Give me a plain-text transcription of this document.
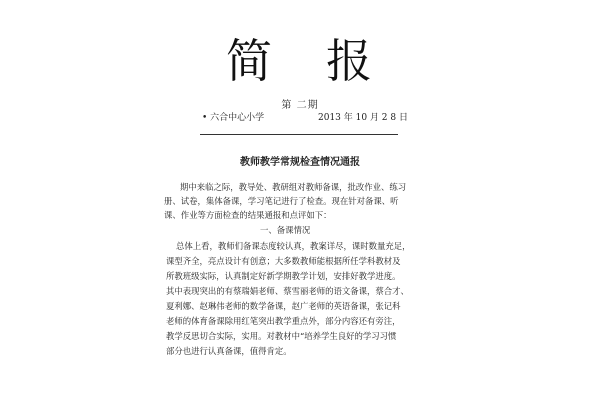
简 报
第 二期
• 六合中心小学	2013 年 10 月 2 8 日
教师教学常规检查情况通报
期中来临之际，教导处、教研组对教师备课，批改作业、练习
册、试卷，集体备课，学习笔记进行了检查。现在针对备课、听
课、作业等方面检查的结果通报和点评如下：
一、备课情况
总体上看，教师们备课态度较认真，教案详尽，课时数量充足，
课型齐全，亮点设计有创意；大多数教师能根据所任学科教材及
所教班级实际，认真制定好新学期教学计划，安排好教学进度。
其中表现突出的有蔡瑞娟老师、蔡雪丽老师的语文备课，蔡合才、
夏利娜、赵琳伟老师的数学备课，赵广老师的英语备课，张记科
老师的体育备课除用红笔突出教学重点外，部分内容还有旁注，
教学反思切合实际，实用。对教材中“培养学生良好的学习习惯
部分也进行认真备课，值得肯定。
